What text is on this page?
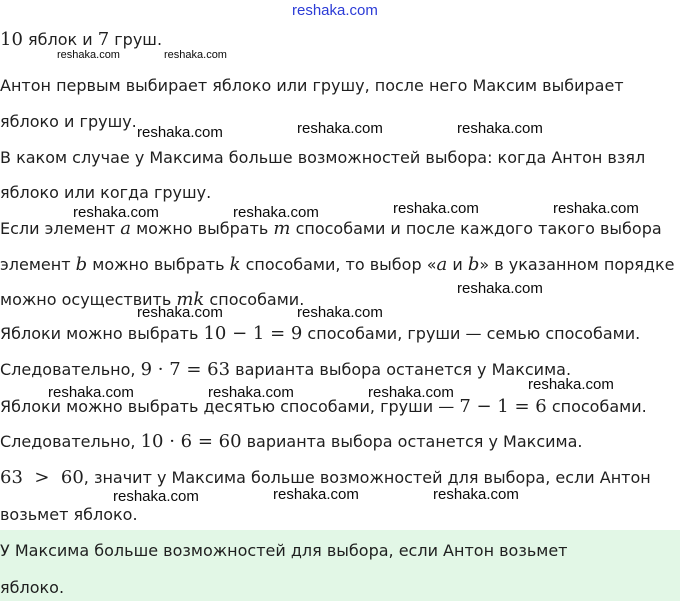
reshaka.com
10 яблок и 7 груш.
reshaka.com	reshaka.com
Антон первым выбирает яблоко или грушу, после него Максим выбирает
яблоко и грушу.
reshaka.com	reshaka.com	reshaka.com
В каком случае у Максима больше возможностей выбора: когда Антон взял
яблоко или когда грушу.
reshaka.com	reshaka.com	reshaka.com	reshaka.com
Если элемент a можно выбрать m способами и после каждого такого выбора
элемент b можно выбрать k способами, то выбор «a и b» в указанном порядке
reshaka.com
можно осуществить mk способами.
reshaka.com	reshaka.com
Яблоки можно выбрать 10 − 1 = 9 способами, груши — семью способами.
Следовательно, 9 · 7 = 63 варианта выбора останется у Максима.
reshaka.com	reshaka.com	reshaka.com	reshaka.com
Яблоки можно выбрать десятью способами, груши — 7 − 1 = 6 способами.
Следовательно, 10 · 6 = 60 варианта выбора останется у Максима.
63  >  60, значит у Максима больше возможностей для выбора, если Антон
reshaka.com	reshaka.com	reshaka.com
возьмет яблоко.
У Максима больше возможностей для выбора, если Антон возьмет
яблоко.
